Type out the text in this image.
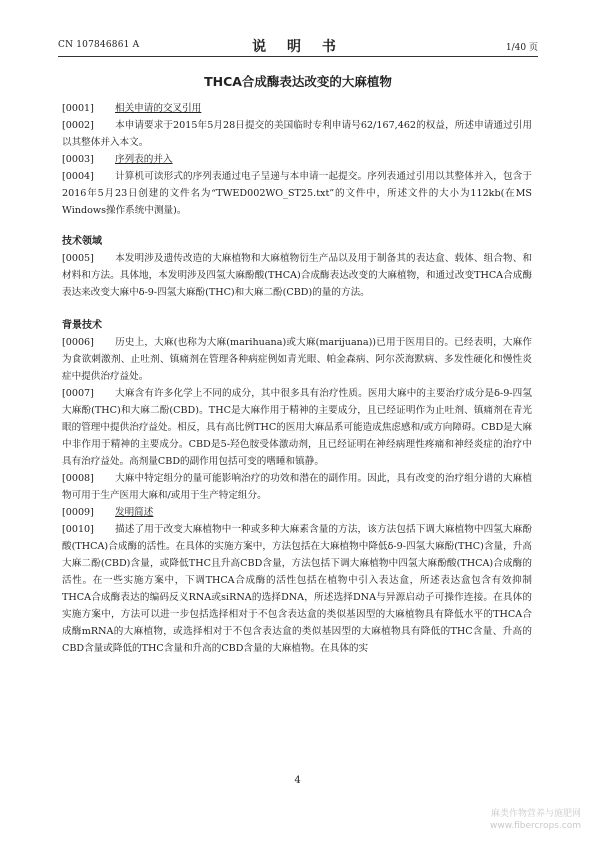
CN 107846861 A	说 明 书	1/40 页
THCA合成酶表达改变的大麻植物

[0001] 相关申请的交叉引用

[0002] 本申请要求于2015年5月28日提交的美国临时专利申请号62/167,462的权益，所述申请通过引用以其整体并入本文。

[0003] 序列表的并入

[0004] 计算机可读形式的序列表通过电子呈递与本申请一起提交。序列表通过引用以其整体并入，包含于2016年5月23日创建的文件名为“TWED002WO_ST25.txt”的文件中，所述文件的大小为112kb(在MS Windows操作系统中测量)。

技术领域

[0005] 本发明涉及遗传改造的大麻植物和大麻植物衍生产品以及用于制备其的表达盒、载体、组合物、和材料和方法。具体地，本发明涉及四氢大麻酚酸(THCA)合成酶表达改变的大麻植物，和通过改变THCA合成酶表达来改变大麻中δ-9-四氢大麻酚(THC)和大麻二酚(CBD)的量的方法。

背景技术

[0006] 历史上，大麻(也称为大麻(marihuana)或大麻(marijuana))已用于医用目的。已经表明，大麻作为食欲刺激剂、止吐剂、镇痛剂在管理各种病症例如青光眼、帕金森病、阿尔茨海默病、多发性硬化和慢性炎症中提供治疗益处。

[0007] 大麻含有许多化学上不同的成分，其中很多具有治疗性质。医用大麻中的主要治疗成分是δ-9-四氢大麻酚(THC)和大麻二酚(CBD)。THC是大麻作用于精神的主要成分，且已经证明作为止吐剂、镇痛剂在青光眼的管理中提供治疗益处。相反，具有高比例THC的医用大麻品系可能造成焦虑感和/或方向障碍。CBD是大麻中非作用于精神的主要成分。CBD是5-羟色胺受体激动剂，且已经证明在神经病理性疼痛和神经炎症的治疗中具有治疗益处。高剂量CBD的副作用包括可变的嗜睡和镇静。

[0008] 大麻中特定组分的量可能影响治疗的功效和潜在的副作用。因此，具有改变的治疗组分谱的大麻植物可用于生产医用大麻和/或用于生产特定组分。

[0009] 发明简述

[0010] 描述了用于改变大麻植物中一种或多种大麻素含量的方法，该方法包括下调大麻植物中四氢大麻酚酸(THCA)合成酶的活性。在具体的实施方案中，方法包括在大麻植物中降低δ-9-四氢大麻酚(THC)含量，升高大麻二酚(CBD)含量，或降低THC且升高CBD含量，方法包括下调大麻植物中四氢大麻酚酸(THCA)合成酶的活性。在一些实施方案中，下调THCA合成酶的活性包括在植物中引入表达盒，所述表达盒包含有效抑制THCA合成酶表达的编码反义RNA或siRNA的选择DNA，所述选择DNA与异源启动子可操作连接。在具体的实施方案中，方法可以进一步包括选择相对于不包含表达盒的类似基因型的大麻植物具有降低水平的THCA合成酶mRNA的大麻植物，或选择相对于不包含表达盒的类似基因型的大麻植物具有降低的THC含量、升高的CBD含量或降低的THC含量和升高的CBD含量的大麻植物。在具体的实

4
麻类作物营养与施肥网
www.fibercrops.com
